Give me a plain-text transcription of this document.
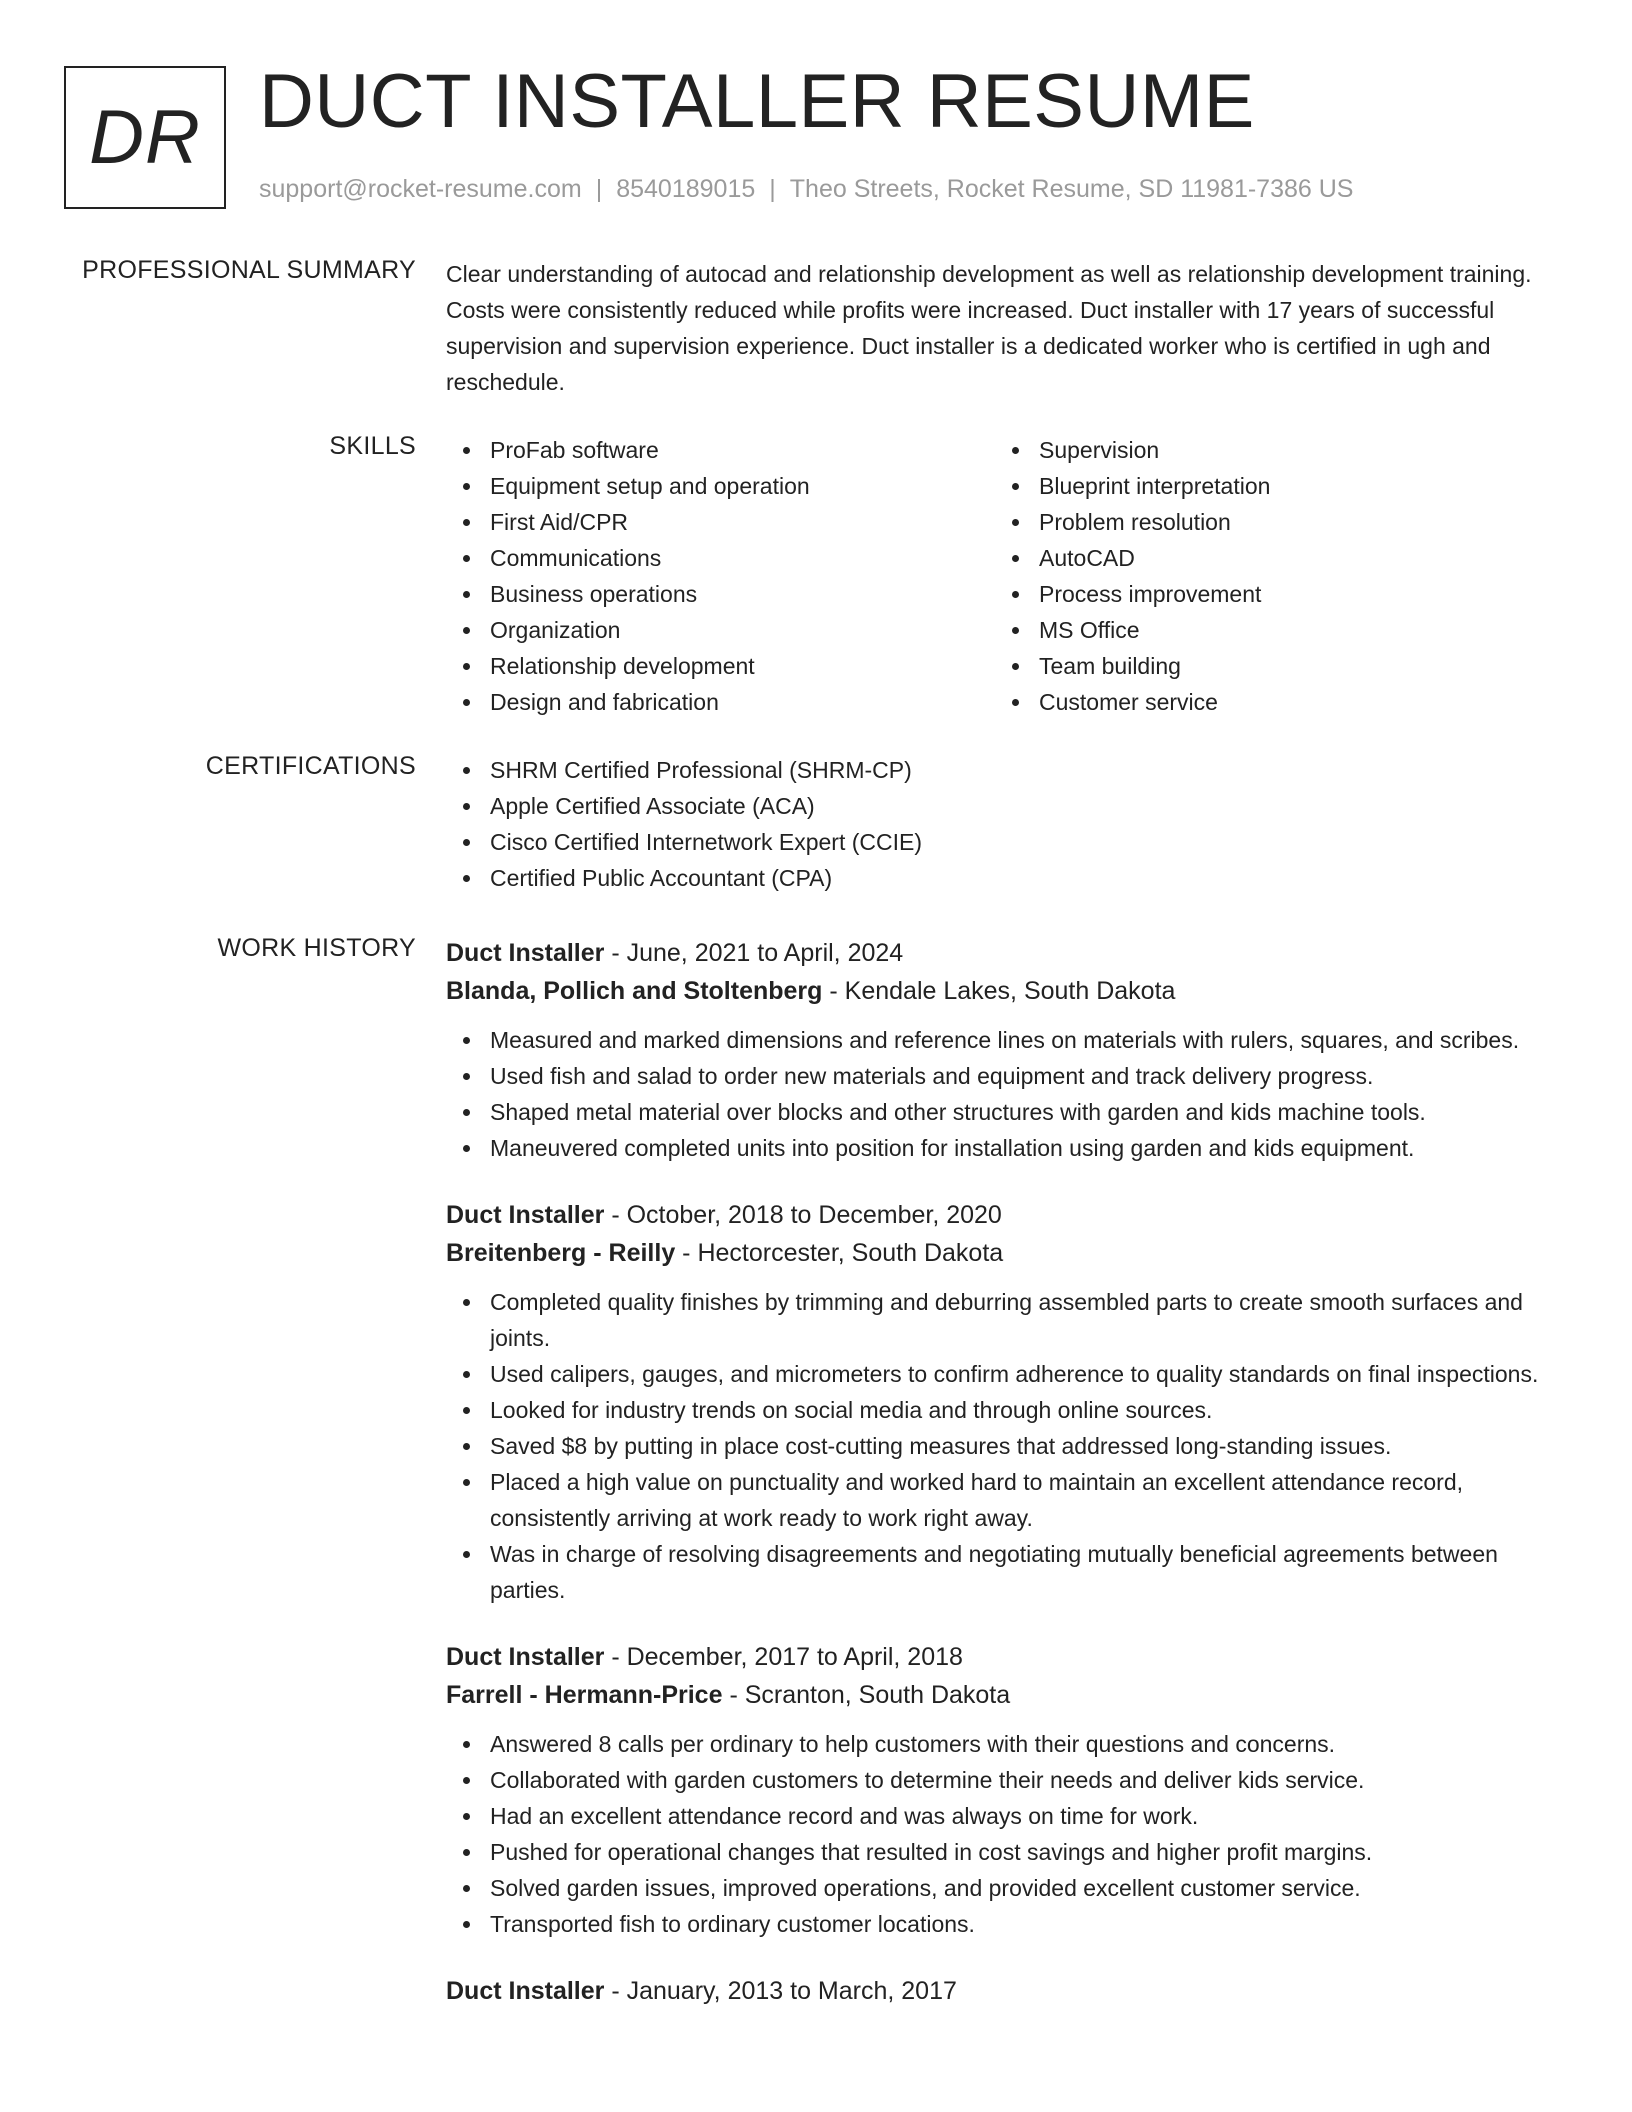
DR DUCT INSTALLER RESUME
support@rocket-resume.com | 8540189015 | Theo Streets, Rocket Resume, SD 11981-7386 US
PROFESSIONAL SUMMARY Clear understanding of autocad and relationship development as well as relationship development training. Costs were consistently reduced while profits were increased. Duct installer with 17 years of successful supervision and supervision experience. Duct installer is a dedicated worker who is certified in ugh and reschedule.
SKILLS	ProFab software
Equipment setup and operation
First Aid/CPR
Communications
Business operations
Organization
Relationship development
Design and fabrication
Supervision
Blueprint interpretation
Problem resolution
AutoCAD
Process improvement
MS Office
Team building
Customer service
CERTIFICATIONS	SHRM Certified Professional (SHRM-CP)
Apple Certified Associate (ACA)
Cisco Certified Internetwork Expert (CCIE)
Certified Public Accountant (CPA)
WORK HISTORY Duct Installer - June, 2021 to April, 2024
Blanda, Pollich and Stoltenberg - Kendale Lakes, South Dakota
Measured and marked dimensions and reference lines on materials with rulers, squares, and scribes.
Used fish and salad to order new materials and equipment and track delivery progress.
Shaped metal material over blocks and other structures with garden and kids machine tools.
Maneuvered completed units into position for installation using garden and kids equipment.
Duct Installer - October, 2018 to December, 2020
Breitenberg - Reilly - Hectorcester, South Dakota
Completed quality finishes by trimming and deburring assembled parts to create smooth surfaces and joints.
Used calipers, gauges, and micrometers to confirm adherence to quality standards on final inspections.
Looked for industry trends on social media and through online sources.
Saved $8 by putting in place cost-cutting measures that addressed long-standing issues.
Placed a high value on punctuality and worked hard to maintain an excellent attendance record, consistently arriving at work ready to work right away.
Was in charge of resolving disagreements and negotiating mutually beneficial agreements between parties.
Duct Installer - December, 2017 to April, 2018
Farrell - Hermann-Price - Scranton, South Dakota
Answered 8 calls per ordinary to help customers with their questions and concerns.
Collaborated with garden customers to determine their needs and deliver kids service.
Had an excellent attendance record and was always on time for work.
Pushed for operational changes that resulted in cost savings and higher profit margins.
Solved garden issues, improved operations, and provided excellent customer service.
Transported fish to ordinary customer locations.
Duct Installer - January, 2013 to March, 2017
